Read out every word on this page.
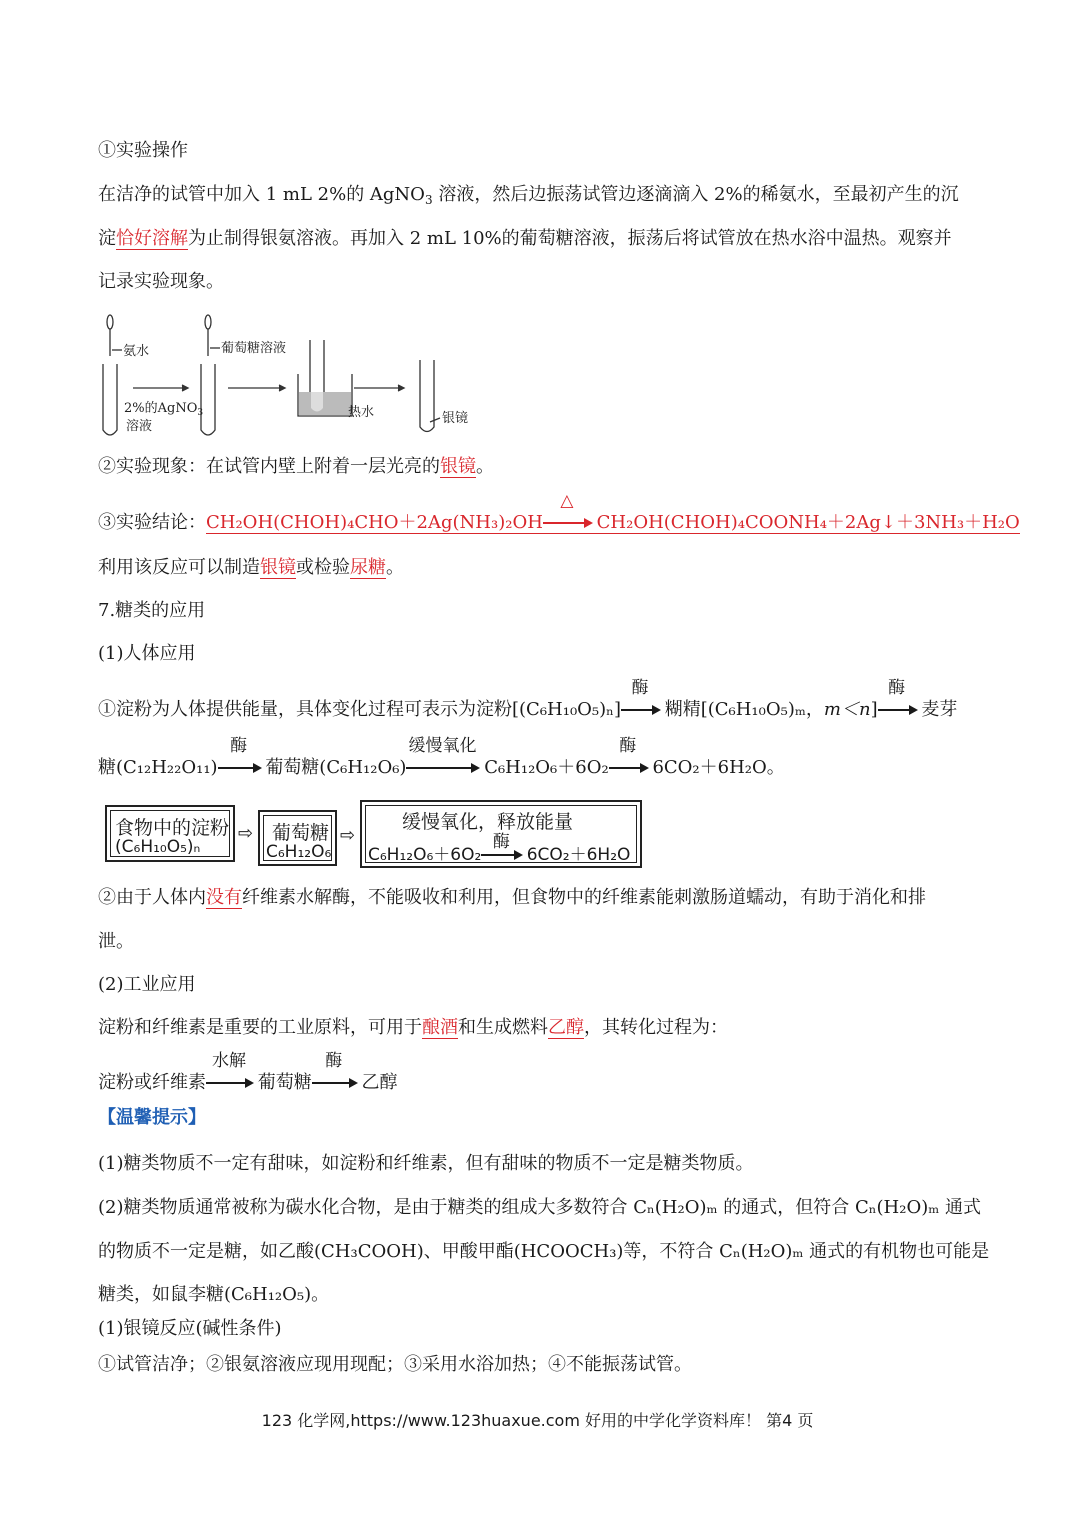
①实验操作
在洁净的试管中加入 1 mL 2%的 AgNO$_3$ 溶液，然后边振荡试管边逐滴滴入 2%的稀氨水，至最初产生的沉
淀恰好溶解为止制得银氨溶液。再加入 2 mL 10%的葡萄糖溶液，振荡后将试管放在热水浴中温热。观察并
记录实验现象。
氨水	葡萄糖溶液
2%的AgNO$_3$
溶液
热水	银镜
②实验现象：在试管内壁上附着一层光亮的银镜。
③实验结论：CH₂OH(CHOH)₄CHO＋2Ag(NH₃)₂OH
△
CH₂OH(CHOH)₄COONH₄＋2Ag↓＋3NH₃＋H₂O
利用该反应可以制造银镜或检验尿糖。
7.糖类的应用
(1)人体应用
①淀粉为人体提供能量，具体变化过程可表示为淀粉[(C₆H₁₀O₅)ₙ]
酶
糊精[(C₆H₁₀O₅)ₘ，m＜n]
酶
麦芽
糖(C₁₂H₂₂O₁₁)
酶
葡萄糖(C₆H₁₂O₆)
缓慢氧化
C₆H₁₂O₆＋6O₂
酶
6CO₂＋6H₂O。
食物中的淀粉
(C₆H₁₀O₅)ₙ
⇨ 葡萄糖
C₆H₁₂O₆
⇨
缓慢氧化，释放能量
C₆H₁₂O₆＋6O₂
酶
6CO₂＋6H₂O
②由于人体内没有纤维素水解酶，不能吸收和利用，但食物中的纤维素能刺激肠道蠕动，有助于消化和排
泄。
(2)工业应用
淀粉和纤维素是重要的工业原料，可用于酿酒和生成燃料乙醇，其转化过程为：
淀粉或纤维素
水解
葡萄糖
酶
乙醇
【温馨提示】
(1)糖类物质不一定有甜味，如淀粉和纤维素，但有甜味的物质不一定是糖类物质。
(2)糖类物质通常被称为碳水化合物，是由于糖类的组成大多数符合 Cₙ(H₂O)ₘ 的通式，但符合 Cₙ(H₂O)ₘ 通式
的物质不一定是糖，如乙酸(CH₃COOH)、甲酸甲酯(HCOOCH₃)等，不符合 Cₙ(H₂O)ₘ 通式的有机物也可能是
糖类，如鼠李糖(C₆H₁₂O₅)。
(1)银镜反应(碱性条件)
①试管洁净；②银氨溶液应现用现配；③采用水浴加热；④不能振荡试管。
123 化学网,https://www.123huaxue.com 好用的中学化学资料库！ 第4 页
